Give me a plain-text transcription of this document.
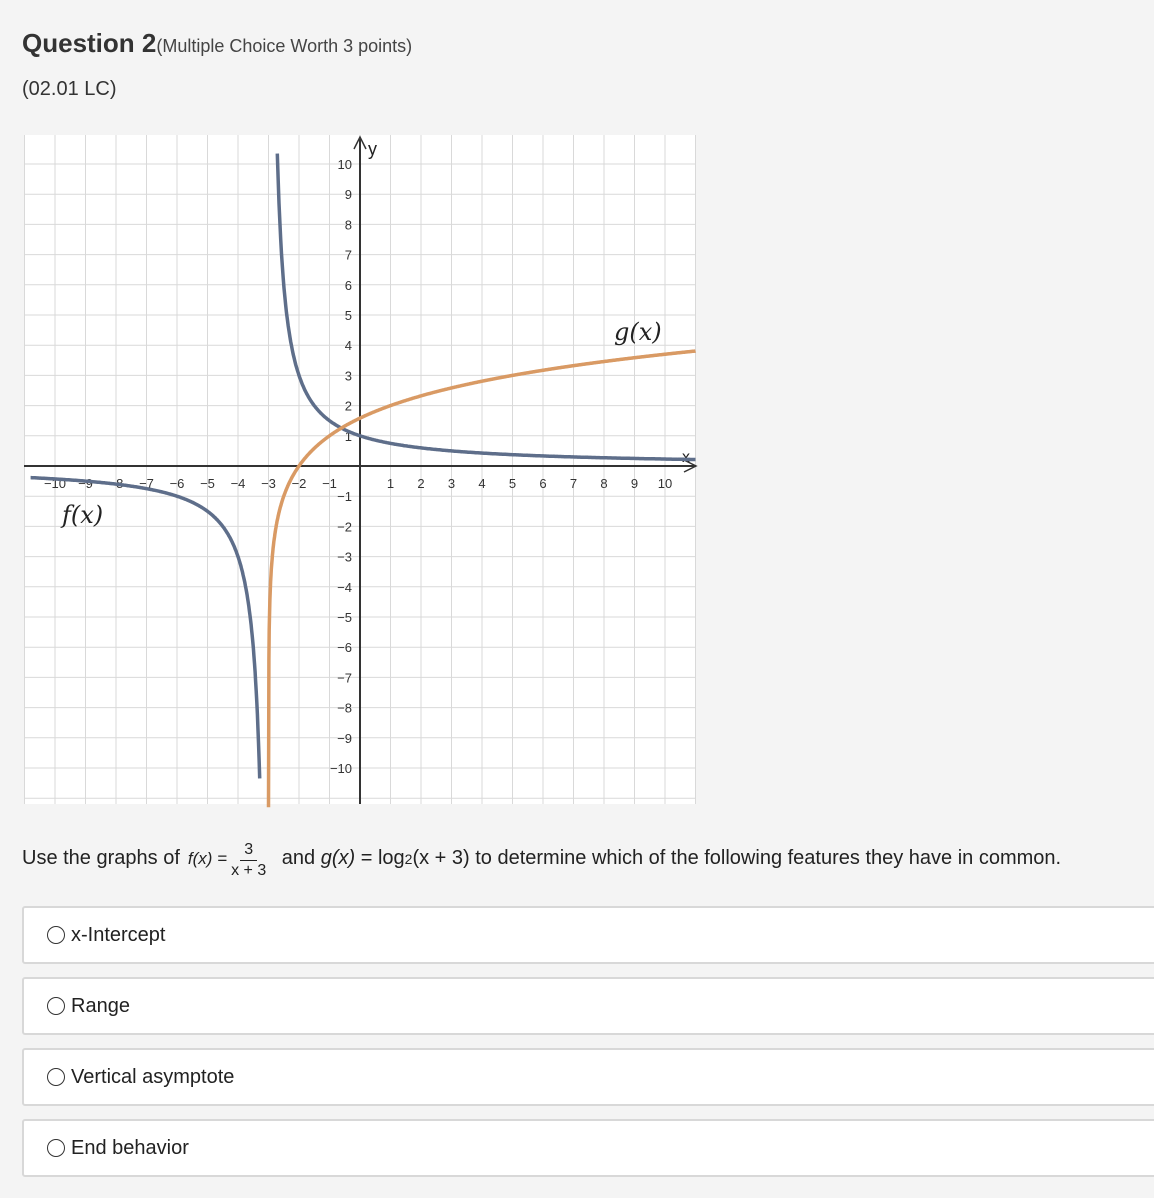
Question 2(Multiple Choice Worth 3 points)
(02.01 LC)
x
y
−10 −9 −8 −7 −6 −5 −4 −3 −2 −1	1 2 3 4 5 6 7 8 9 10
10
9
8
7
6
5
4
3
2
1
−1
−2
−3
−4
−5
−6
−7
−8
−9
−10
f(x)
g(x)
Use the graphs of $f(x) = \frac{3}{x + 3}$ and g(x) = log 2 (x + 3) to determine which of the following features they have in common.
x-Intercept
Range
Vertical asymptote
End behavior
